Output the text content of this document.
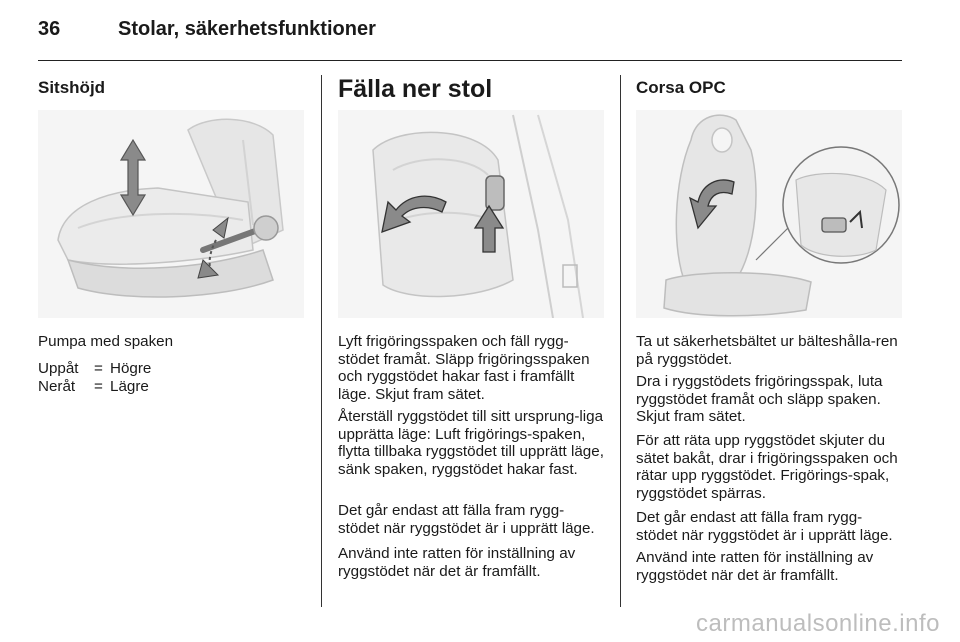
36	Stolar, säkerhetsfunktioner
Sitshöjd
Pumpa med spaken
Uppåt	=	Högre
Neråt	=	Lägre
Fälla ner stol

Lyft frigöringsspaken och fäll rygg-stödet framåt. Släpp frigöringsspaken och ryggstödet hakar fast i framfällt läge. Skjut fram sätet.

Återställ ryggstödet till sitt ursprung-liga upprätta läge: Luft frigörings-spaken, flytta tillbaka ryggstödet till upprätt läge, sänk spaken, ryggstödet hakar fast.

Det går endast att fälla fram rygg-stödet när ryggstödet är i upprätt läge.

Använd inte ratten för inställning av ryggstödet när det är framfällt.

Corsa OPC

Ta ut säkerhetsbältet ur bälteshålla-ren på ryggstödet.

Dra i ryggstödets frigöringsspak, luta ryggstödet framåt och släpp spaken. Skjut fram sätet.

För att räta upp ryggstödet skjuter du sätet bakåt, drar i frigöringsspaken och rätar upp ryggstödet. Frigörings-spak, ryggstödet spärras.

Det går endast att fälla fram rygg-stödet när ryggstödet är i upprätt läge.

Använd inte ratten för inställning av ryggstödet när det är framfällt.

carmanualsonline.info
